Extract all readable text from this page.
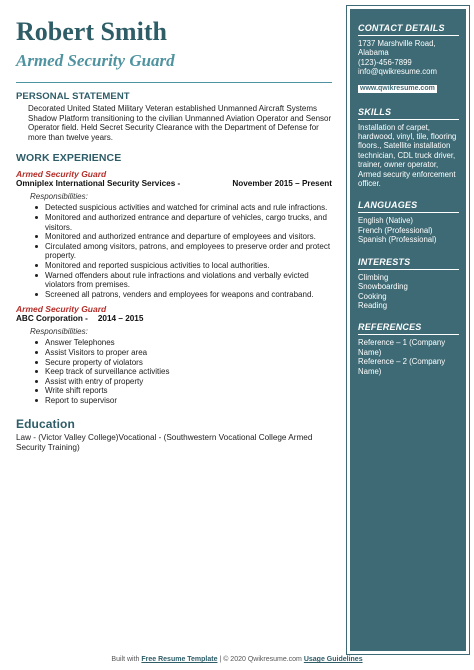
Robert Smith
Armed Security Guard
PERSONAL STATEMENT

Decorated United Stated Military Veteran established Unmanned Aircraft Systems Shadow Platform transitioning to the civilian Unmanned Aviation Operator and Sensor Operator field. Held Secret Security Clearance with the Department of Defense for more than twelve years.

WORK EXPERIENCE
Armed Security Guard
Omniplex International Security Services -	November 2015 – Present
Responsibilities:
Detected suspicious activities and watched for criminal acts and rule infractions.
Monitored and authorized entrance and departure of vehicles, cargo trucks, and visitors.
Monitored and authorized entrance and departure of employees and visitors.
Circulated among visitors, patrons, and employees to preserve order and protect property.
Monitored and reported suspicious activities to local authorities.
Warned offenders about rule infractions and violations and verbally evicted violators from premises.
Screened all patrons, venders and employees for weapons and contraband.
Armed Security Guard
ABC Corporation - 2014 – 2015
Responsibilities:
Answer Telephones
Assist Visitors to proper area
Secure property of violators
Keep track of surveillance activities
Assist with entry of property
Write shift reports
Report to supervisor
Education

Law - (Victor Valley College)Vocational - (Southwestern Vocational College Armed Security Training)

CONTACT DETAILS

1737 Marshville Road,

Alabama

(123)-456-7899

info@qwikresume.com

www.qwikresume.com
SKILLS

Installation of carpet, hardwood, vinyl, tile, flooring floors., Satellite installation technician, CDL truck driver, trainer, owner operator, Armed security enforcement officer.

LANGUAGES

English (Native)

French (Professional)

Spanish (Professional)

INTERESTS

Climbing

Snowboarding

Cooking

Reading

REFERENCES

Reference – 1 (Company Name)

Reference – 2 (Company Name)

Built with Free Resume Template | © 2020 Qwikresume.com Usage Guidelines
